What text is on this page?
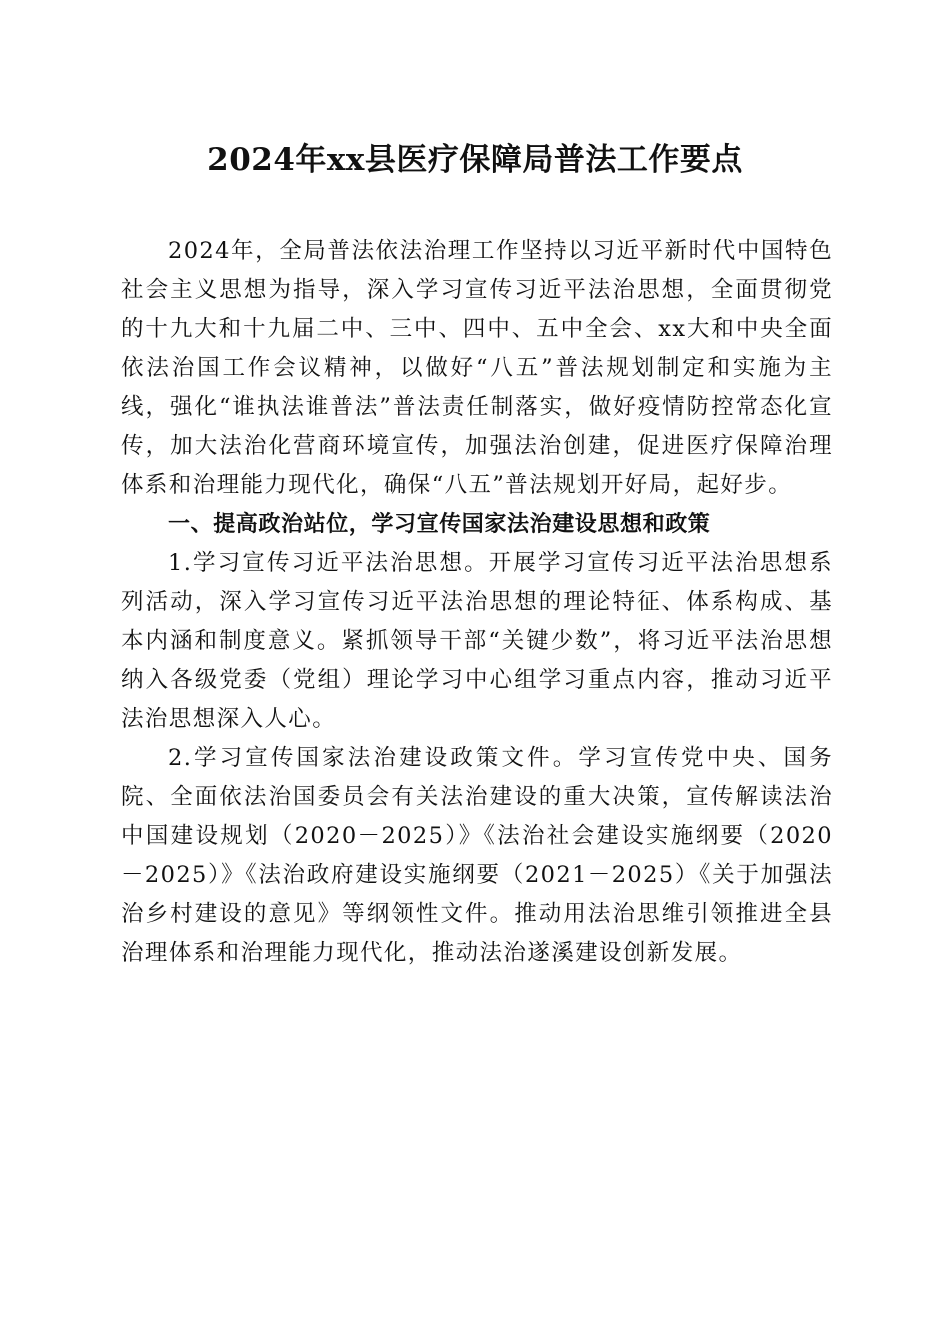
2024年xx县医疗保障局普法工作要点

2024年，全局普法依法治理工作坚持以习近平新时代中国特色社会主义思想为指导，深入学习宣传习近平法治思想，全面贯彻党的十九大和十九届二中、三中、四中、五中全会、xx大和中央全面依法治国工作会议精神，以做好“八五”普法规划制定和实施为主线，强化“谁执法谁普法”普法责任制落实，做好疫情防控常态化宣传，加大法治化营商环境宣传，加强法治创建，促进医疗保障治理体系和治理能力现代化，确保“八五”普法规划开好局，起好步。

一、提高政治站位，学习宣传国家法治建设思想和政策

1.学习宣传习近平法治思想。开展学习宣传习近平法治思想系列活动，深入学习宣传习近平法治思想的理论特征、体系构成、基本内涵和制度意义。紧抓领导干部“关键少数”，将习近平法治思想纳入各级党委（党组）理论学习中心组学习重点内容，推动习近平法治思想深入人心。

2.学习宣传国家法治建设政策文件。学习宣传党中央、国务院、全面依法治国委员会有关法治建设的重大决策，宣传解读法治中国建设规划（2020－2025）》《法治社会建设实施纲要（2020－2025）》《法治政府建设实施纲要（2021－2025）《关于加强法治乡村建设的意见》等纲领性文件。推动用法治思维引领推进全县治理体系和治理能力现代化，推动法治遂溪建设创新发展。
